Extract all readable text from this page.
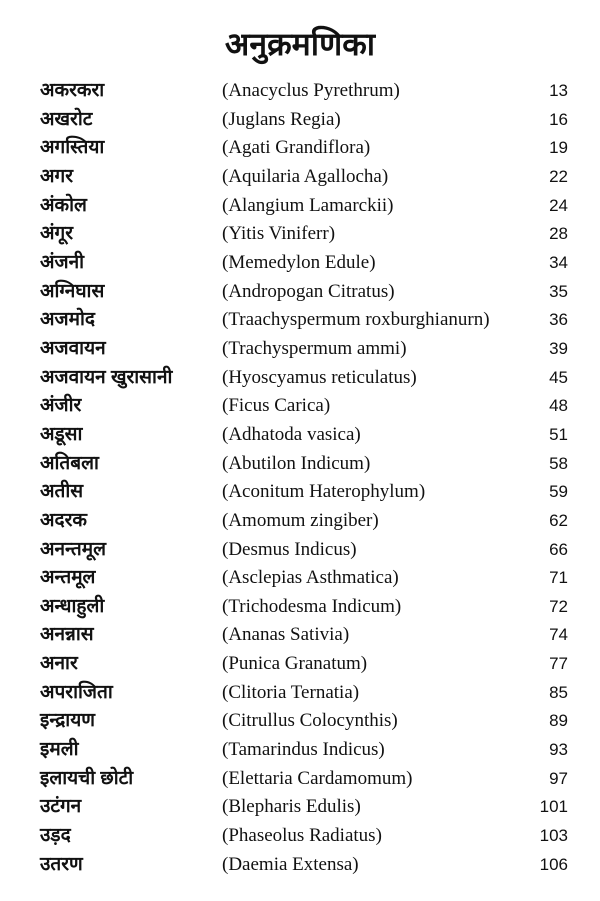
अनुक्रमणिका
अकरकरा	(Anacyclus Pyrethrum)	13
अखरोट	(Juglans Regia)	16
अगस्तिया	(Agati Grandiflora)	19
अगर	(Aquilaria Agallocha)	22
अंकोल	(Alangium Lamarckii)	24
अंगूर	(Yitis Viniferr)	28
अंजनी	(Memedylon Edule)	34
अग्निघास	(Andropogan Citratus)	35
अजमोद	(Traachyspermum roxburghianurn)	36
अजवायन	(Trachyspermum ammi)	39
अजवायन खुरासानी	(Hyoscyamus reticulatus)	45
अंजीर	(Ficus Carica)	48
अडूसा	(Adhatoda vasica)	51
अतिबला	(Abutilon Indicum)	58
अतीस	(Aconitum Haterophylum)	59
अदरक	(Amomum zingiber)	62
अनन्तमूल	(Desmus Indicus)	66
अन्तमूल	(Asclepias Asthmatica)	71
अन्धाहुली	(Trichodesma Indicum)	72
अनन्नास	(Ananas Sativia)	74
अनार	(Punica Granatum)	77
अपराजिता	(Clitoria Ternatia)	85
इन्द्रायण	(Citrullus Colocynthis)	89
इमली	(Tamarindus Indicus)	93
इलायची छोटी	(Elettaria Cardamomum)	97
उटंगन	(Blepharis Edulis)	101
उड़द	(Phaseolus Radiatus)	103
उतरण	(Daemia Extensa)	106
